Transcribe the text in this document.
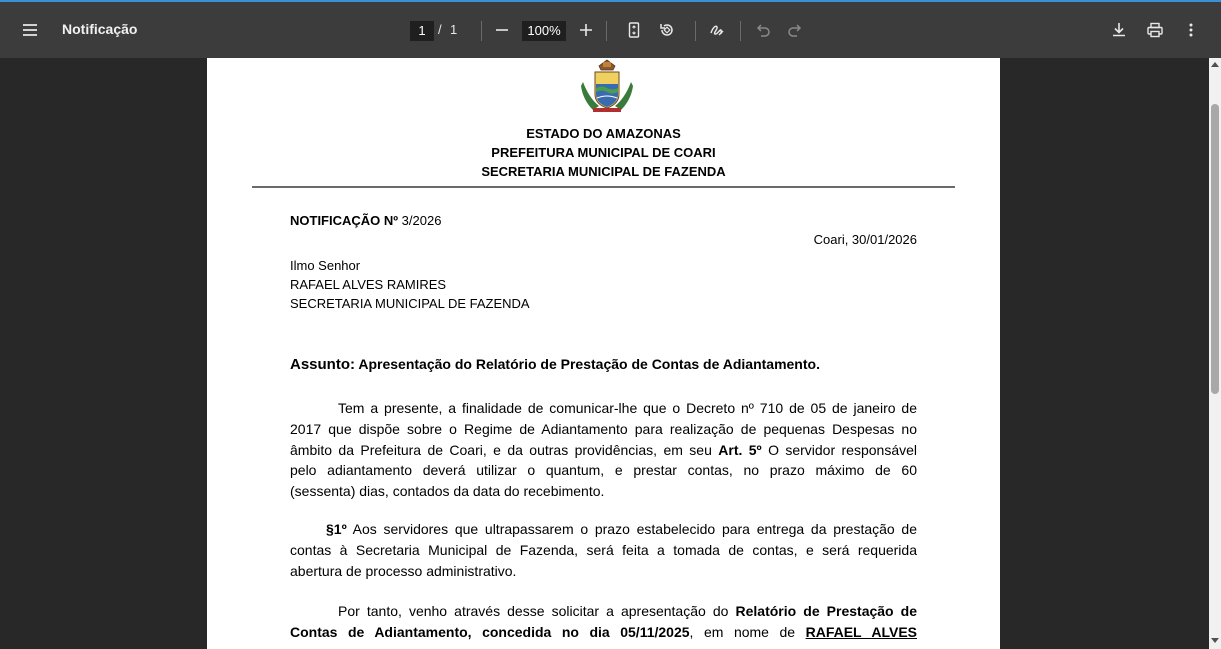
Notificação	1 / 1	100%
ESTADO DO AMAZONAS
PREFEITURA MUNICIPAL DE COARI
SECRETARIA MUNICIPAL DE FAZENDA
NOTIFICAÇÃO Nº 3/2026
Coari, 30/01/2026
Ilmo Senhor
RAFAEL ALVES RAMIRES
SECRETARIA MUNICIPAL DE FAZENDA
Assunto: Apresentação do Relatório de Prestação de Contas de Adiantamento.
Tem a presente, a finalidade de comunicar-lhe que o Decreto nº 710 de 05 de janeiro de
2017 que dispõe sobre o Regime de Adiantamento para realização de pequenas Despesas no
âmbito da Prefeitura de Coari, e da outras providências, em seu Art. 5º O servidor responsável
pelo adiantamento deverá utilizar o quantum, e prestar contas, no prazo máximo de 60
(sessenta) dias, contados da data do recebimento.
§1º Aos servidores que ultrapassarem o prazo estabelecido para entrega da prestação de
contas à Secretaria Municipal de Fazenda, será feita a tomada de contas, e será requerida
abertura de processo administrativo.
Por tanto, venho através desse solicitar a apresentação do Relatório de Prestação de
Contas de Adiantamento, concedida no dia 05/11/2025, em nome de RAFAEL ALVES
